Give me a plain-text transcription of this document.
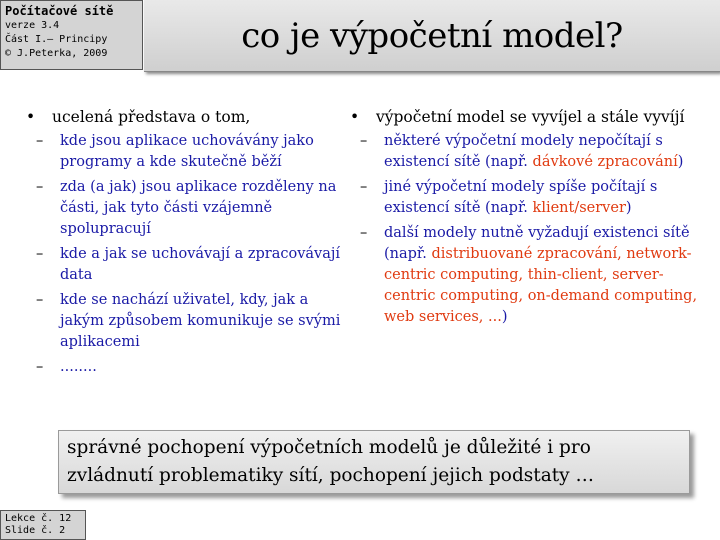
Počítačové sítě
verze 3.4
Část I.– Principy
© J.Peterka, 2009	co je výpočetní model?
•	ucelená představa o tom,
–	kde jsou aplikace uchovávány jako programy a kde skutečně běží
–	zda (a jak) jsou aplikace rozděleny na části, jak tyto části vzájemně spolupracují
–	kde a jak se uchovávají a zpracovávají data
–	kde se nachází uživatel, kdy, jak a jakým způsobem komunikuje se svými aplikacemi
–	........
•	výpočetní model se vyvíjel a stále vyvíjí
–	některé výpočetní modely nepočítají s existencí sítě (např. dávkové zpracování)
–	jiné výpočetní modely spíše počítají s existencí sítě (např. klient/server)
–	další modely nutně vyžadují existenci sítě (např. distribuované zpracování, network-centric computing, thin-client, server-centric computing, on-demand computing, web services, ...)
správné pochopení výpočetních modelů je důležité i pro zvládnutí problematiky sítí, pochopení jejich podstaty …
Lekce č. 12
Slide č. 2
